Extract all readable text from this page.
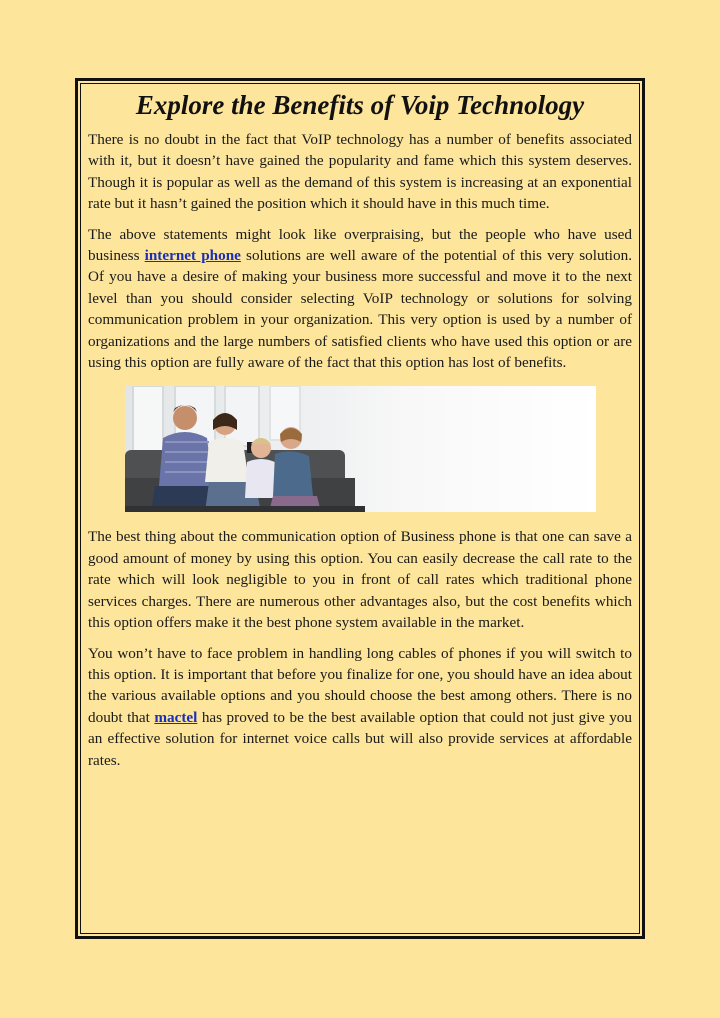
Explore the Benefits of Voip Technology

There is no doubt in the fact that VoIP technology has a number of benefits associated with it, but it doesn’t have gained the popularity and fame which this system deserves. Though it is popular as well as the demand of this system is increasing at an exponential rate but it hasn’t gained the position which it should have in this much time.

The above statements might look like overpraising, but the people who have used business internet phone solutions are well aware of the potential of this very solution. Of you have a desire of making your business more successful and move it to the next level than you should consider selecting VoIP technology or solutions for solving communication problem in your organization. This very option is used by a number of organizations and the large numbers of satisfied clients who have used this option or are using this option are fully aware of the fact that this option has lost of benefits.

The best thing about the communication option of Business phone is that one can save a good amount of money by using this option. You can easily decrease the call rate to the rate which will look negligible to you in front of call rates which traditional phone services charges. There are numerous other advantages also, but the cost benefits which this option offers make it the best phone system available in the market.

You won’t have to face problem in handling long cables of phones if you will switch to this option. It is important that before you finalize for one, you should have an idea about the various available options and you should choose the best among others. There is no doubt that mactel has proved to be the best available option that could not just give you an effective solution for internet voice calls but will also provide services at affordable rates.
